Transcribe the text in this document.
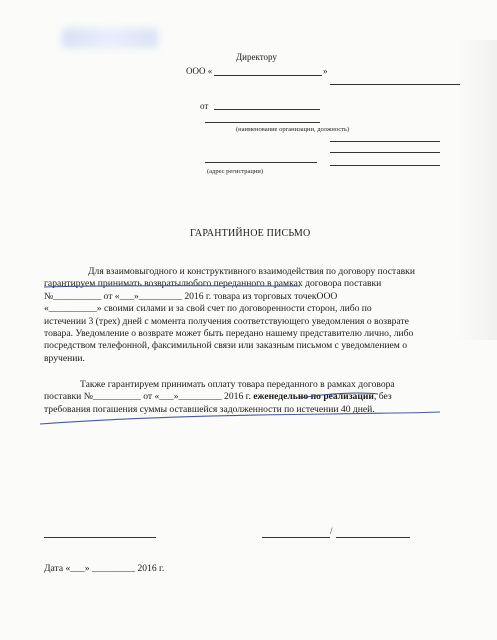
Директору
ООО «	»
от
(наименование организации, должность)
(адрес регистрации)
ГАРАНТИЙНОЕ ПИСЬМО
Для взаимовыгодного и конструктивного взаимодействия по договору поставки
гарантируем принимать возвратылюбого переданного в рамках договора поставки
№__________ от «___»_________ 2016 г. товара из торговых точекООО
«__________» своими силами и за свой счет по договоренности сторон, либо по
истечении 3 (трех) дней с момента получения соответствующего уведомления о возврате
товара. Уведомление о возврате может быть передано нашему представителю лично, либо
посредством телефонной, факсимильной связи или заказным письмом с уведомлением о
вручении.
Также гарантируем принимать оплату товара переданного в рамках договора
поставки №__________ от «___»_________ 2016 г. еженедельно по реализации, без
требования погашения суммы оставшейся задолженности по истечении 40 дней.
/
Дата «___» _________ 2016 г.
